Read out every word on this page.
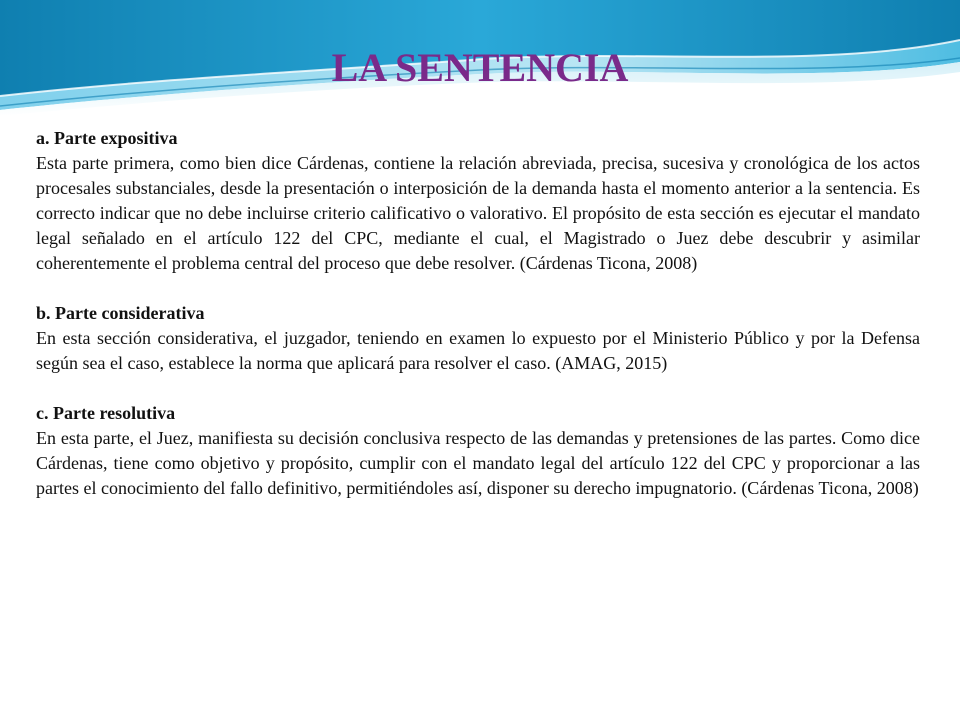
LA SENTENCIA

a. Parte expositiva

Esta parte primera, como bien dice Cárdenas, contiene la relación abreviada, precisa, sucesiva y cronológica de los actos procesales substanciales, desde la presentación o interposición de la demanda hasta el momento anterior a la sentencia. Es correcto indicar que no debe incluirse criterio calificativo o valorativo. El propósito de esta sección es ejecutar el mandato legal señalado en el artículo 122 del CPC, mediante el cual, el Magistrado o Juez debe descubrir y asimilar coherentemente el problema central del proceso que debe resolver. (Cárdenas Ticona, 2008)

b. Parte considerativa

En esta sección considerativa, el juzgador, teniendo en examen lo expuesto por el Ministerio Público y por la Defensa según sea el caso, establece la norma que aplicará para resolver el caso. (AMAG, 2015)

c. Parte resolutiva

En esta parte, el Juez, manifiesta su decisión conclusiva respecto de las demandas y pretensiones de las partes. Como dice Cárdenas, tiene como objetivo y propósito, cumplir con el mandato legal del artículo 122 del CPC y proporcionar a las partes el conocimiento del fallo definitivo, permitiéndoles así, disponer su derecho impugnatorio. (Cárdenas Ticona, 2008)
